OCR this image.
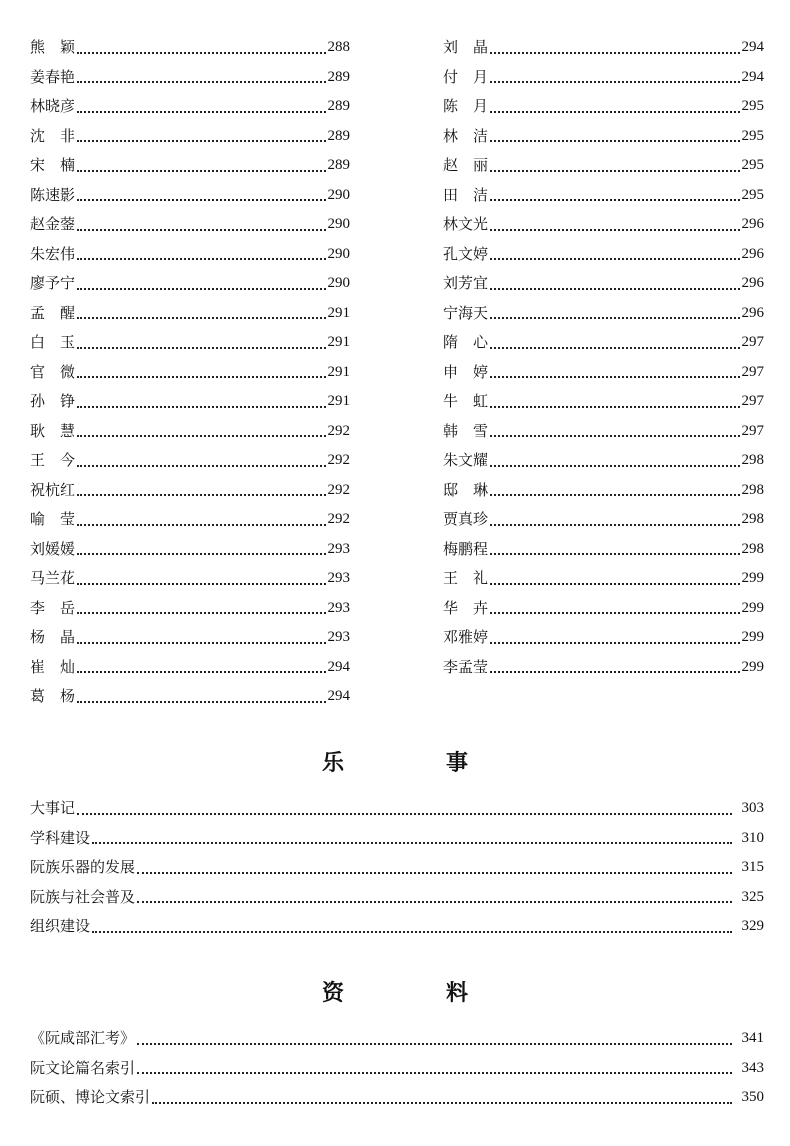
熊　颖	288
姜春艳	289
林晓彦	289
沈　非	289
宋　楠	289
陈速影	290
赵金蓥	290
朱宏伟	290
廖予宁	290
孟　醒	291
白　玉	291
官　微	291
孙　铮	291
耿　慧	292
王　今	292
祝杭红	292
喻　莹	292
刘媛媛	293
马兰花	293
李　岳	293
杨　晶	293
崔　灿	294
葛　杨	294
刘　晶	294
付　月	294
陈　月	295
林　洁	295
赵　丽	295
田　洁	295
林文光	296
孔文婷	296
刘芳宜	296
宁海天	296
隋　心	297
申　婷	297
牛　虹	297
韩　雪	297
朱文耀	298
邸　琳	298
贾真珍	298
梅鹏程	298
王　礼	299
华　卉	299
邓雅婷	299
李孟莹	299
乐　事
大事记	303
学科建设	310
阮族乐器的发展	315
阮族与社会普及	325
组织建设	329
资　料
《阮咸部汇考》	341
阮文论篇名索引	343
阮硕、博论文索引	350
